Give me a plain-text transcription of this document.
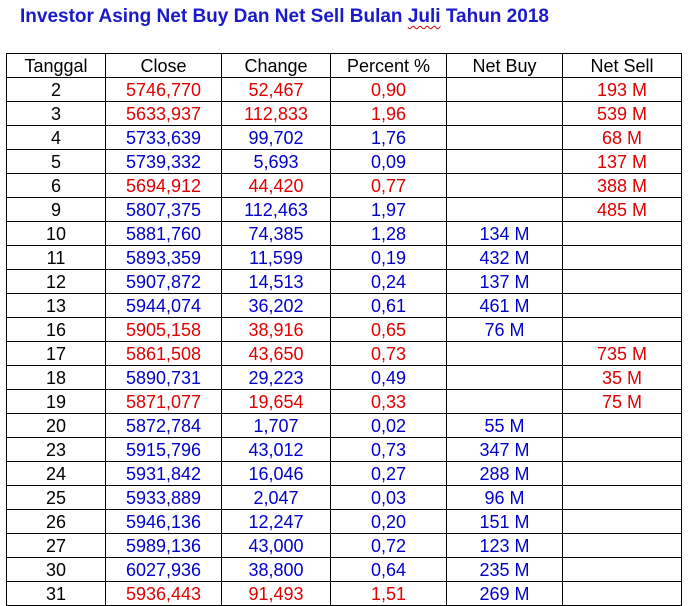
Investor Asing Net Buy Dan Net Sell Bulan Juli Tahun 2018
Tanggal	Close	Change	Percent %	Net Buy	Net Sell
2	5746,770	52,467	0,90		193 M
3	5633,937	112,833	1,96		539 M
4	5733,639	99,702	1,76		68 M
5	5739,332	5,693	0,09		137 M
6	5694,912	44,420	0,77		388 M
9	5807,375	112,463	1,97		485 M
10	5881,760	74,385	1,28	134 M	
11	5893,359	11,599	0,19	432 M	
12	5907,872	14,513	0,24	137 M	
13	5944,074	36,202	0,61	461 M	
16	5905,158	38,916	0,65	76 M	
17	5861,508	43,650	0,73		735 M
18	5890,731	29,223	0,49		35 M
19	5871,077	19,654	0,33		75 M
20	5872,784	1,707	0,02	55 M	
23	5915,796	43,012	0,73	347 M	
24	5931,842	16,046	0,27	288 M	
25	5933,889	2,047	0,03	96 M	
26	5946,136	12,247	0,20	151 M	
27	5989,136	43,000	0,72	123 M	
30	6027,936	38,800	0,64	235 M	
31	5936,443	91,493	1,51	269 M	
